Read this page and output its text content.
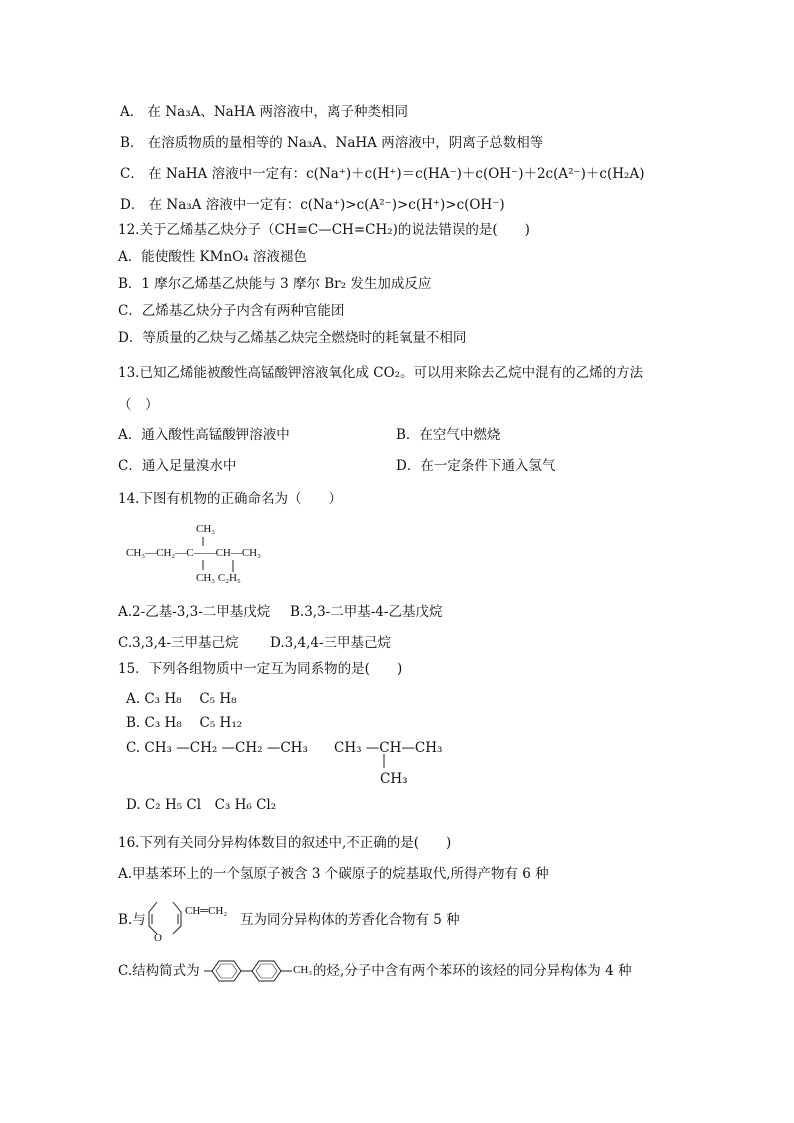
A． 在 Na₃A、NaHA 两溶液中，离子种类相同
B． 在溶质物质的量相等的 Na₃A、NaHA 两溶液中，阴离子总数相等
C． 在 NaHA 溶液中一定有：c(Na⁺)＋c(H⁺)＝c(HA⁻)＋c(OH⁻)＋2c(A²⁻)＋c(H₂A)
D． 在 Na₃A 溶液中一定有：c(Na⁺)>c(A²⁻)>c(H⁺)>c(OH⁻)
12.关于乙烯基乙炔分子（CH≡C—CH=CH₂)的说法错误的是(　　)
A．能使酸性 KMnO₄ 溶液褪色
B．1 摩尔乙烯基乙炔能与 3 摩尔 Br₂ 发生加成反应
C．乙烯基乙炔分子内含有两种官能团
D．等质量的乙炔与乙烯基乙炔完全燃烧时的耗氧量不相同
13.已知乙烯能被酸性高锰酸钾溶液氧化成 CO₂。可以用来除去乙烷中混有的乙烯的方法
（　）
A．通入酸性高锰酸钾溶液中	B．在空气中燃烧
C．通入足量溴水中	D．在一定条件下通入氢气
14.下图有机物的正确命名为（　　）
CH₃
CH₃—CH₂—C——CH—CH₃
CH₃ C₂H₅
A.2-乙基-3,3-二甲基戊烷 B.3,3-二甲基-4-乙基戊烷
C.3,3,4-三甲基己烷 D.3,4,4-三甲基己烷
15．下列各组物质中一定互为同系物的是(　　)
A. C₃ H₈　 C₅ H₈
B. C₃ H₈　 C₅ H₁₂
C. CH₃ —CH₂ —CH₂ —CH₃ CH₃ —CH—CH₃
CH₃
D. C₂ H₅ Cl　C₃ H₆ Cl₂
16.下列有关同分异构体数目的叙述中,不正确的是(　　)
A.甲基苯环上的一个氢原子被含 3 个碳原子的烷基取代,所得产物有 6 种
B.与
O
CH═CH₂
互为同分异构体的芳香化合物有 5 种
C.结构简式为	CH₃ 的烃,分子中含有两个苯环的该烃的同分异构体为 4 种
